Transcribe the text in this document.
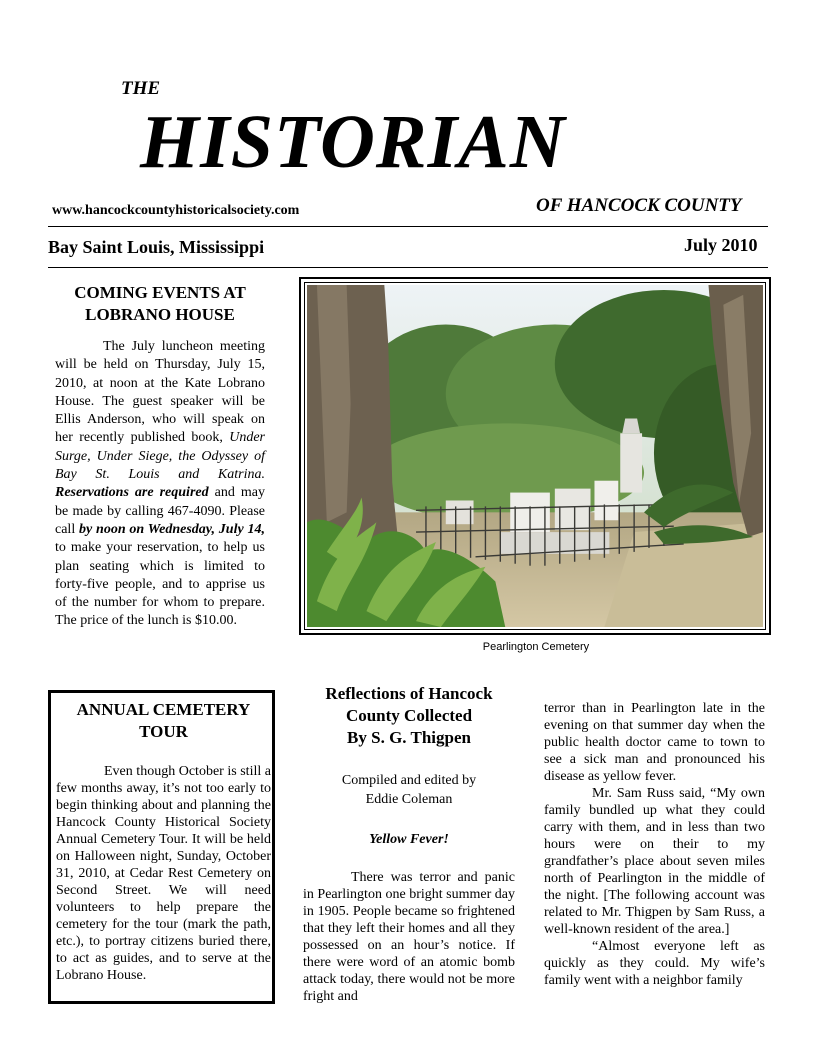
THE
HISTORIAN
www.hancockcountyhistoricalsociety.com	OF HANCOCK COUNTY
Bay Saint Louis, Mississippi	July 2010
COMING EVENTS AT
LOBRANO HOUSE

The July luncheon meeting will be held on Thursday, July 15, 2010, at noon at the Kate Lobrano House. The guest speaker will be Ellis Anderson, who will speak on her recently published book, Under Surge, Under Siege, the Odyssey of Bay St. Louis and Katrina. Reservations are required and may be made by calling 467-4090. Please call by noon on Wednesday, July 14, to make your reservation, to help us plan seating which is limited to forty-five people, and to apprise us of the number for whom to prepare. The price of the lunch is $10.00.

ANNUAL CEMETERY
TOUR

Even though October is still a few months away, it’s not too early to begin thinking about and planning the Hancock County Historical Society Annual Cemetery Tour. It will be held on Halloween night, Sunday, October 31, 2010, at Cedar Rest Cemetery on Second Street. We will need volunteers to help prepare the cemetery for the tour (mark the path, etc.), to portray citizens buried there, to act as guides, and to serve at the Lobrano House.

Pearlington Cemetery
Reflections of Hancock
County Collected
By S. G. Thigpen
Compiled and edited by
Eddie Coleman
Yellow Fever!

There was terror and panic in Pearlington one bright summer day in 1905. People became so frightened that they left their homes and all they possessed on an hour’s notice. If there were word of an atomic bomb attack today, there would not be more fright and

terror than in Pearlington late in the evening on that summer day when the public health doctor came to town to see a sick man and pronounced his disease as yellow fever.

Mr. Sam Russ said, “My own family bundled up what they could carry with them, and in less than two hours were on their to my grandfather’s place about seven miles north of Pearlington in the middle of the night. [The following account was related to Mr. Thigpen by Sam Russ, a well-known resident of the area.]

“Almost everyone left as quickly as they could. My wife’s family went with a neighbor family
